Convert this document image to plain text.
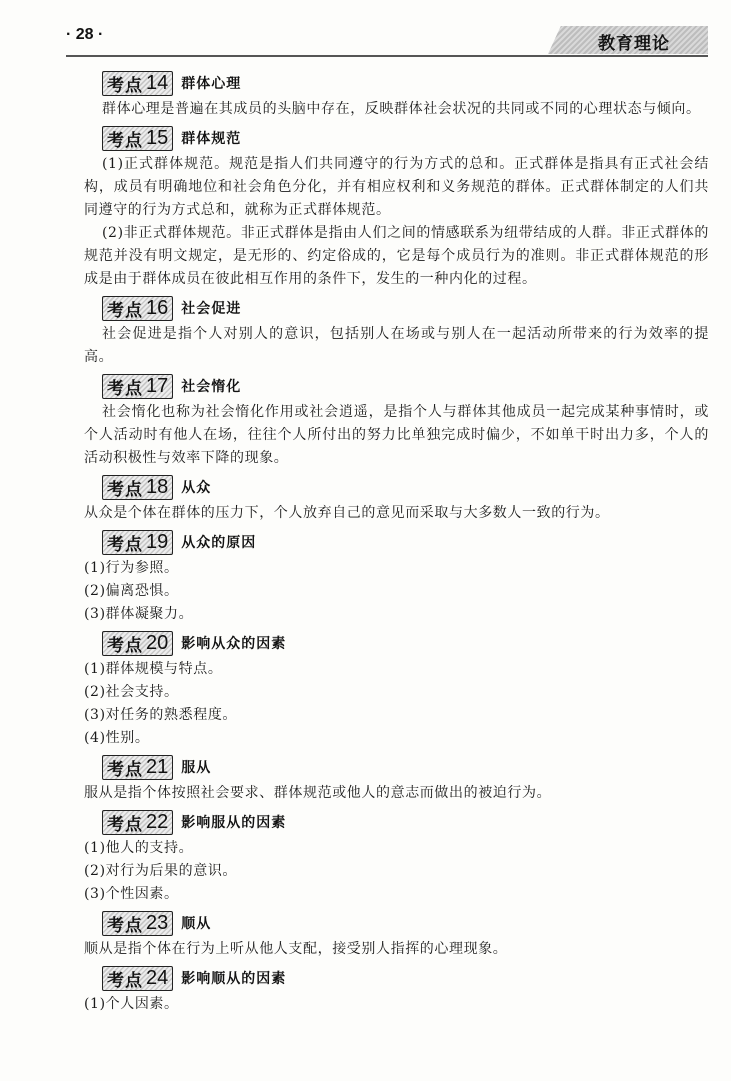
· 28 ·	教育理论
考点 14 群体心理

群体心理是普遍在其成员的头脑中存在，反映群体社会状况的共同或不同的心理状态与倾向。

考点 15 群体规范

(1)正式群体规范。规范是指人们共同遵守的行为方式的总和。正式群体是指具有正式社会结构，成员有明确地位和社会角色分化，并有相应权利和义务规范的群体。正式群体制定的人们共同遵守的行为方式总和，就称为正式群体规范。

(2)非正式群体规范。非正式群体是指由人们之间的情感联系为纽带结成的人群。非正式群体的规范并没有明文规定，是无形的、约定俗成的，它是每个成员行为的准则。非正式群体规范的形成是由于群体成员在彼此相互作用的条件下，发生的一种内化的过程。

考点 16 社会促进

社会促进是指个人对别人的意识，包括别人在场或与别人在一起活动所带来的行为效率的提高。

考点 17 社会惰化

社会惰化也称为社会惰化作用或社会逍遥，是指个人与群体其他成员一起完成某种事情时，或个人活动时有他人在场，往往个人所付出的努力比单独完成时偏少，不如单干时出力多，个人的活动积极性与效率下降的现象。

考点 18 从众

从众是个体在群体的压力下，个人放弃自己的意见而采取与大多数人一致的行为。

考点 19 从众的原因

(1)行为参照。

(2)偏离恐惧。

(3)群体凝聚力。

考点 20 影响从众的因素

(1)群体规模与特点。

(2)社会支持。

(3)对任务的熟悉程度。

(4)性别。

考点 21 服从

服从是指个体按照社会要求、群体规范或他人的意志而做出的被迫行为。

考点 22 影响服从的因素

(1)他人的支持。

(2)对行为后果的意识。

(3)个性因素。

考点 23 顺从

顺从是指个体在行为上听从他人支配，接受别人指挥的心理现象。

考点 24 影响顺从的因素

(1)个人因素。
